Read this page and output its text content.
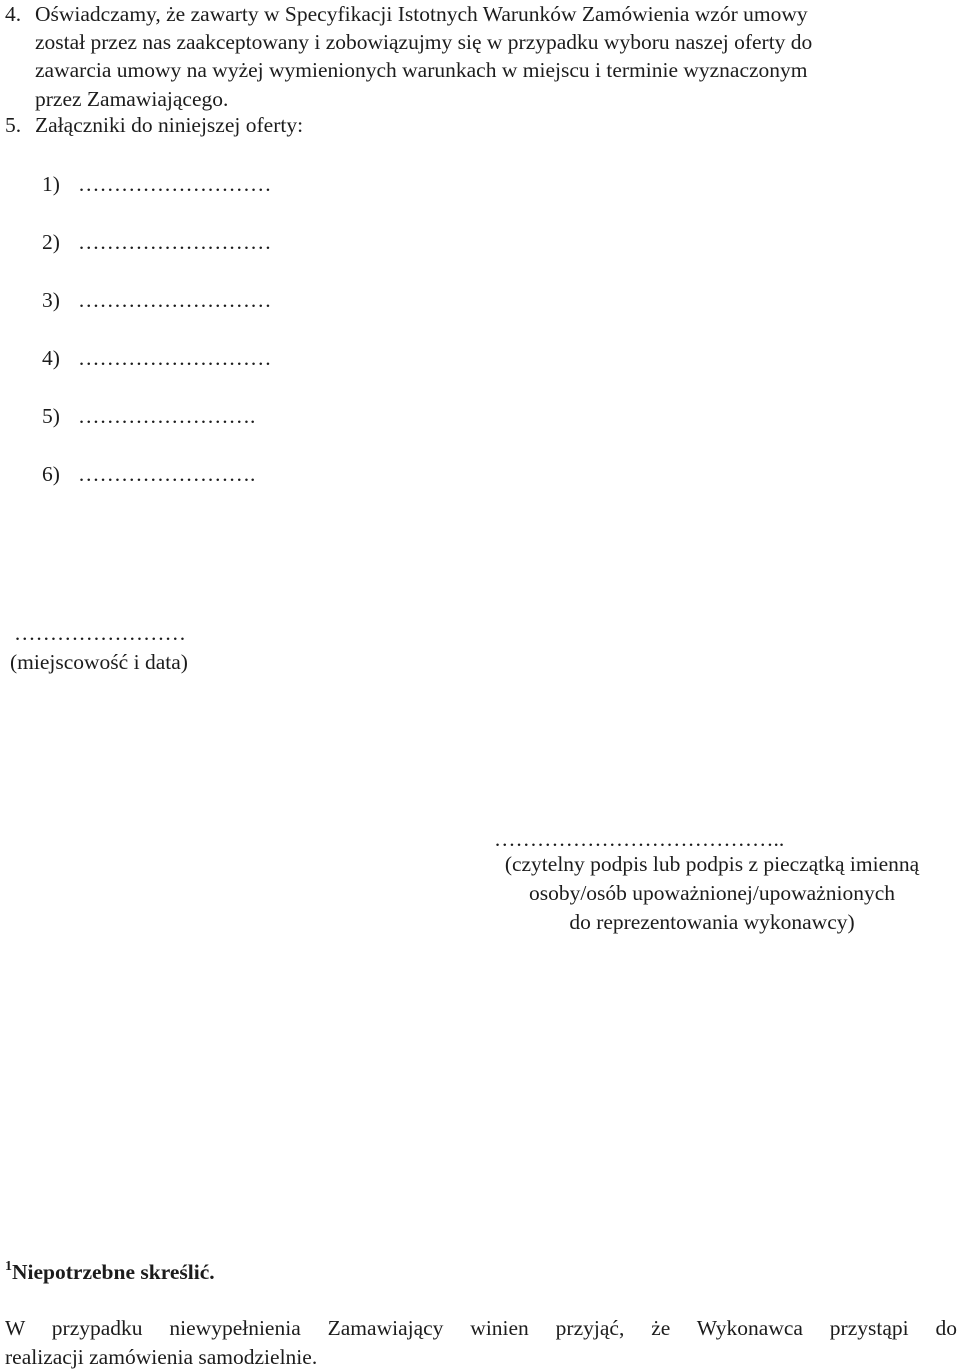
4. Oświadczamy, że zawarty w Specyfikacji Istotnych Warunków Zamówienia wzór umowy
został przez nas zaakceptowany i zobowiązujmy się w przypadku wyboru naszej oferty do
zawarcia umowy na wyżej wymienionych warunkach w miejscu i terminie wyznaczonym
przez Zamawiającego.
5. Załączniki do niniejszej oferty:
1) ………………………
2) ………………………
3) ………………………
4) ………………………
5) …………………….
6) …………………….
……………………
(miejscowość i data)
…………………………………..
(czytelny podpis lub podpis z pieczątką imienną
osoby/osób upoważnionej/upoważnionych
do reprezentowania wykonawcy)
$^1$Niepotrzebne skreślić.
W przypadku niewypełnienia Zamawiający winien przyjąć, że Wykonawca przystąpi do
realizacji zamówienia samodzielnie.
